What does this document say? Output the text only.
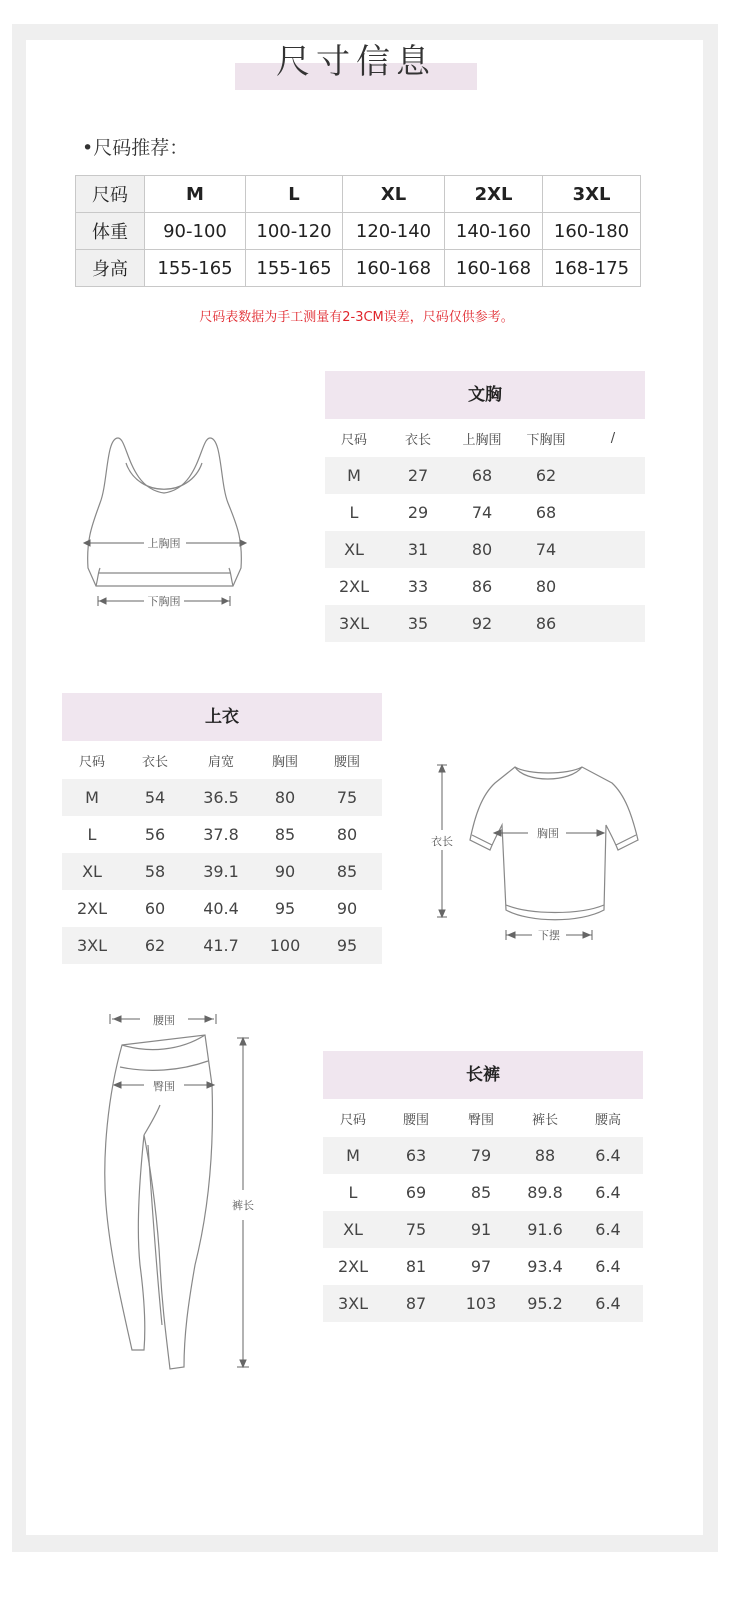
尺寸信息
•尺码推荐：
尺码	M	L	XL	2XL	3XL
体重	90-100	100-120	120-140	140-160	160-180
身高	155-165	155-165	160-168	160-168	168-175
尺码表数据为手工测量有2-3CM误差，尺码仅供参考。
上胸围
下胸围
文胸
尺码	衣长	上胸围	下胸围	/
M	27	68	62
L	29	74	68
XL	31	80	74
2XL	33	86	80
3XL	35	92	86
上衣
尺码	衣长	肩宽	胸围	腰围
M	54	36.5	80	75
L	56	37.8	85	80
XL	58	39.1	90	85
2XL	60	40.4	95	90
3XL	62	41.7	100	95
衣长
胸围
下摆
腰围
臀围
裤长
长裤
尺码	腰围	臀围	裤长	腰高
M	63	79	88	6.4
L	69	85	89.8	6.4
XL	75	91	91.6	6.4
2XL	81	97	93.4	6.4
3XL	87	103	95.2	6.4
